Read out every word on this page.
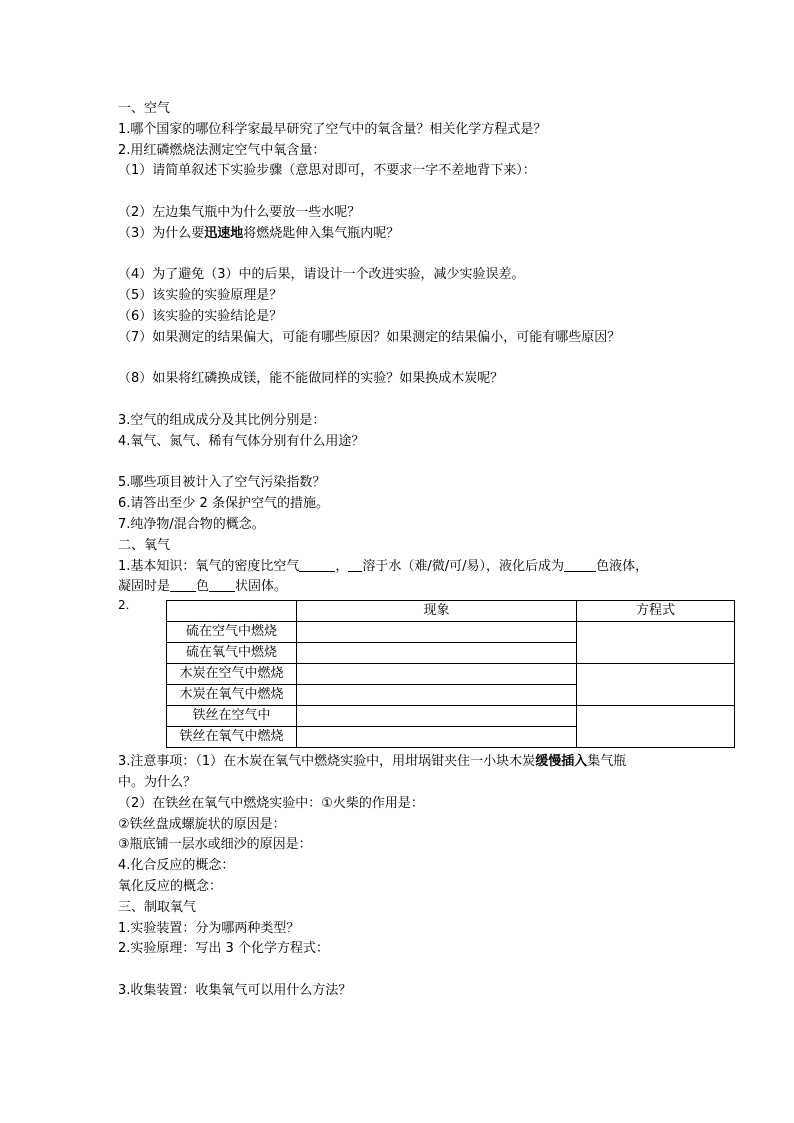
一、空气
1.哪个国家的哪位科学家最早研究了空气中的氧含量？相关化学方程式是？
2.用红磷燃烧法测定空气中氧含量：
（1）请简单叙述下实验步骤（意思对即可，不要求一字不差地背下来）：
（2）左边集气瓶中为什么要放一些水呢？
（3）为什么要迅速地将燃烧匙伸入集气瓶内呢？
（4）为了避免（3）中的后果，请设计一个改进实验，减少实验误差。
（5）该实验的实验原理是？
（6）该实验的实验结论是？
（7）如果测定的结果偏大，可能有哪些原因？如果测定的结果偏小，可能有哪些原因？
（8）如果将红磷换成镁，能不能做同样的实验？如果换成木炭呢？
3.空气的组成成分及其比例分别是：
4.氧气、氮气、稀有气体分别有什么用途？
5.哪些项目被计入了空气污染指数？
6.请答出至少 2 条保护空气的措施。
7.纯净物/混合物的概念。
二、氧气
1.基本知识：氧气的密度比空气	， 溶于水（难/微/可/易），液化后成为 色液体，
凝固时是 色 状固体。
2.
		现象	方程式
硫在空气中燃烧		
硫在氧气中燃烧		
木炭在空气中燃烧		
木炭在氧气中燃烧		
铁丝在空气中		
铁丝在氧气中燃烧		
3.注意事项：（1）在木炭在氧气中燃烧实验中，用坩埚钳夹住一小块木炭缓慢插入集气瓶
中。为什么？
（2）在铁丝在氧气中燃烧实验中：①火柴的作用是：
②铁丝盘成螺旋状的原因是：
③瓶底铺一层水或细沙的原因是：
4.化合反应的概念：
氧化反应的概念：
三、制取氧气
1.实验装置：分为哪两种类型？
2.实验原理：写出 3 个化学方程式：
3.收集装置：收集氧气可以用什么方法？
